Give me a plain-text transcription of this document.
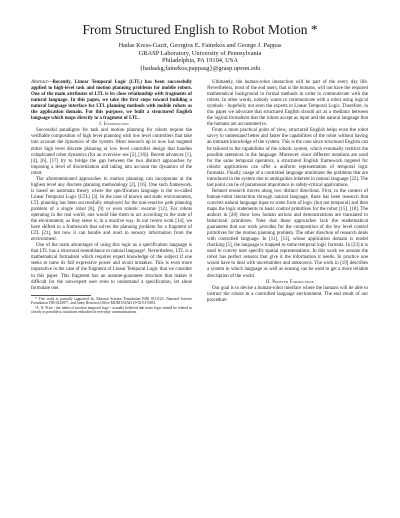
From Structured English to Robot Motion *
Hadas Kress-Gazit, Georgios E. Fainekos and George J. Pappas
GRASP Laboratory, University of Pennsylvania
Philadelphia, PA 19104, USA
{hadaskg,fainekos,pappasg}@grasp.upenn.edu

Abstract—Recently, Linear Temporal Logic (LTL) has been successfully applied to high-level task and motion planning problems for mobile robots. One of the main attributes of LTL is its close relationship with fragments of natural language. In this paper, we take the first steps toward building a natural language interface for LTL planning methods with mobile robots as the application domain. For this purpose, we built a structured English language which maps directly to a fragment of LTL.

I. Introduction

Successful paradigms for task and motion planning for robots require the verifiable composition of high level planning with low level controllers that take into account the dynamics of the system. Most research up to now has targeted either high level discrete planning or low level controller design that handles complicated robot dynamics (for an overview see [2], [16]). Recent advances [1], [4], [6], [17] try to bridge the gap between the two distinct approaches by imposing a level of discretization and taking into account the dynamics of the robot.

The aforementioned approaches in motion planning can incorporate at the highest level any discrete planning methodology [2], [16]. One such framework, is based on automata theory where the specification language is the so-called Linear Temporal Logic (LTL) [3]. In the case of known and static environments, LTL planning has been successfully employed for the non-reactive path planning problem of a single robot [8], [9] or even robotic swarms [12]. For robots operating in the real world, one would like them to act according to the state of the environment, as they sense it, in a reactive way. In our recent work [14], we have shifted to a framework that solves the planning problem for a fragment of LTL [21], but now it can handle and react to sensory information from the environment.

One of the main advantages of using this logic as a specification language is that LTL has a structural resemblance to natural language¹. Nevertheless, LTL is a mathematical formalism which requires expert knowledge of the subject if one seeks to tame its full expressive power and avoid mistakes. This is even more imperative in the case of the fragment of Linear Temporal Logic that we consider in this paper. This fragment has an assume-guarantee structure that makes it difficult for the non-expert user even to understand a specification, let alone formulate one.

* This work is partially supported by National Science Foundation EHS 0311123, National Science Foundation ITR 0324977, and Army Research Office MURI DAAD 19-02-01-0383.

¹A. N. Prior - the father of modern temporal logic - actually believed that tense logic should be related as closely as possible to intuitions embodied in everyday communications.

Ultimately, the human-robot interaction will be part of the every day life. Nevertheless, most of the end users, that is the humans, will not have the required mathematical background in formal methods in order to communicate with the robots. In other words, nobody wants to communicate with a robot using logical symbols - hopefully not even the experts in Linear Temporal Logic. Therefore, in this paper we advocate that structured English should act as a mediator between the logical formalism that the robots accept as input and the natural language that the humans are accustomed to.

From a more practical point of view, structured English helps even the robot savvy to understand better and faster the capabilities of the robot without having an intimate knowledge of the system. This is the case since structured English can be tailored to the capabilities of the robotic system, which eventually restricts the possible sentences in the language. Moreover, since different notations are used for the same temporal operators, a structured English framework targeted for robotic applications can offer a uniform representation of temporal logic formulas. Finally, usage of a controlled language minimizes the problems that are introduced in the system due to ambiguities inherent in natural language [22]. The last point can be of paramount importance in safety-critical applications.

Related research moves along two distinct directions. First, in the context of human-robot interaction through natural language, there has been research that converts natural language input to some form of logic (but not temporal) and then maps the logic statements to basic control primitives for the robot [15], [18]. The authors in [20] show how human actions and demonstrations are translated to behavioral primitives. Note that these approaches lack the mathematical guarantees that our work provides for the composition of the low level control primitives for the motion planning problem. The other direction of research deals with controlled language. In [11], [13], whose application domain is model checking [5], the language is mapped to some temporal logic formula. In [23] it is used to convey user specific spatial representations. In this work we assume the robot has perfect sensors that give it the information it needs. In practice one would have to deal with uncertainties and unknowns. The work in [19] describes a system in which language as well as sensing can be used to get a more reliable description of the world.

II. Problem Formulation

Our goal is to devise a human-robot interface where the humans will be able to instruct the robots in a controlled language environment. The end result of our procedure
